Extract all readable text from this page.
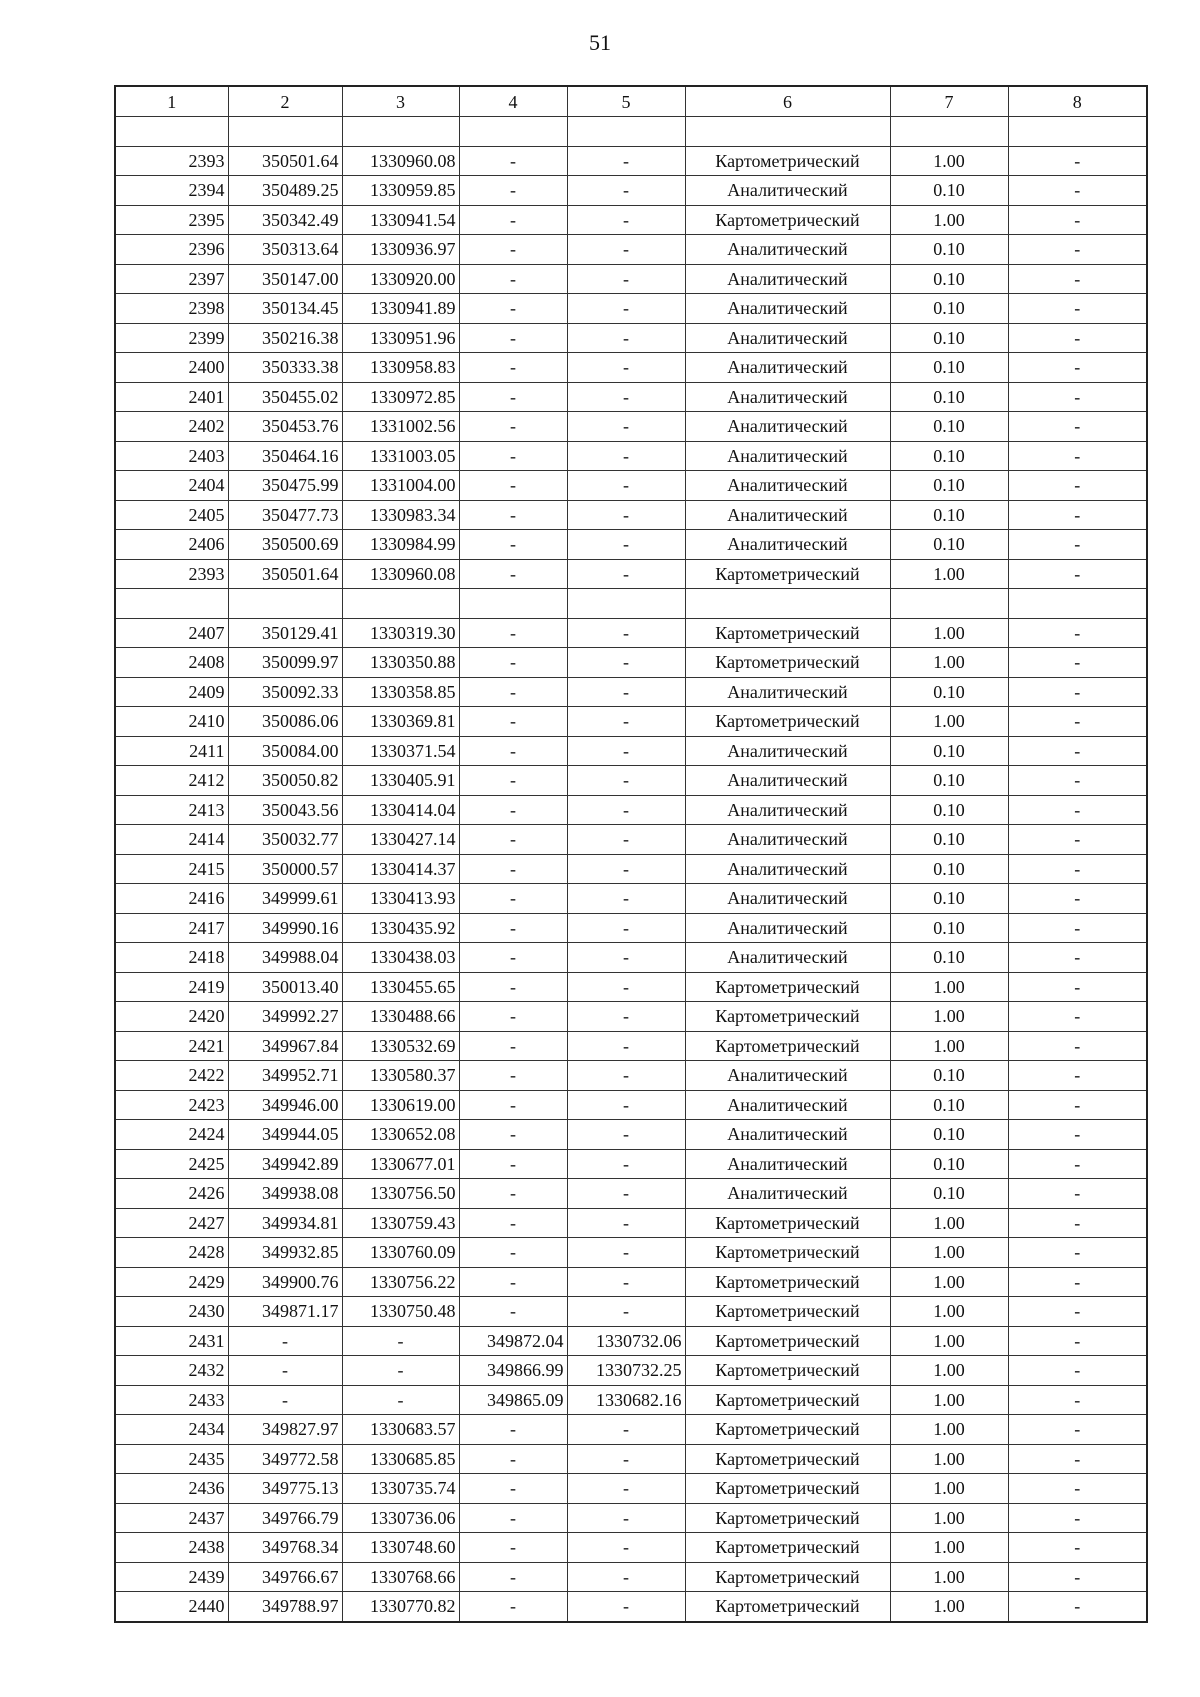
51
1	2	3	4	5	6	7	8

2393	350501.64	1330960.08	-	-	Картометрический	1.00	-
2394	350489.25	1330959.85	-	-	Аналитический	0.10	-
2395	350342.49	1330941.54	-	-	Картометрический	1.00	-
2396	350313.64	1330936.97	-	-	Аналитический	0.10	-
2397	350147.00	1330920.00	-	-	Аналитический	0.10	-
2398	350134.45	1330941.89	-	-	Аналитический	0.10	-
2399	350216.38	1330951.96	-	-	Аналитический	0.10	-
2400	350333.38	1330958.83	-	-	Аналитический	0.10	-
2401	350455.02	1330972.85	-	-	Аналитический	0.10	-
2402	350453.76	1331002.56	-	-	Аналитический	0.10	-
2403	350464.16	1331003.05	-	-	Аналитический	0.10	-
2404	350475.99	1331004.00	-	-	Аналитический	0.10	-
2405	350477.73	1330983.34	-	-	Аналитический	0.10	-
2406	350500.69	1330984.99	-	-	Аналитический	0.10	-
2393	350501.64	1330960.08	-	-	Картометрический	1.00	-

2407	350129.41	1330319.30	-	-	Картометрический	1.00	-
2408	350099.97	1330350.88	-	-	Картометрический	1.00	-
2409	350092.33	1330358.85	-	-	Аналитический	0.10	-
2410	350086.06	1330369.81	-	-	Картометрический	1.00	-
2411	350084.00	1330371.54	-	-	Аналитический	0.10	-
2412	350050.82	1330405.91	-	-	Аналитический	0.10	-
2413	350043.56	1330414.04	-	-	Аналитический	0.10	-
2414	350032.77	1330427.14	-	-	Аналитический	0.10	-
2415	350000.57	1330414.37	-	-	Аналитический	0.10	-
2416	349999.61	1330413.93	-	-	Аналитический	0.10	-
2417	349990.16	1330435.92	-	-	Аналитический	0.10	-
2418	349988.04	1330438.03	-	-	Аналитический	0.10	-
2419	350013.40	1330455.65	-	-	Картометрический	1.00	-
2420	349992.27	1330488.66	-	-	Картометрический	1.00	-
2421	349967.84	1330532.69	-	-	Картометрический	1.00	-
2422	349952.71	1330580.37	-	-	Аналитический	0.10	-
2423	349946.00	1330619.00	-	-	Аналитический	0.10	-
2424	349944.05	1330652.08	-	-	Аналитический	0.10	-
2425	349942.89	1330677.01	-	-	Аналитический	0.10	-
2426	349938.08	1330756.50	-	-	Аналитический	0.10	-
2427	349934.81	1330759.43	-	-	Картометрический	1.00	-
2428	349932.85	1330760.09	-	-	Картометрический	1.00	-
2429	349900.76	1330756.22	-	-	Картометрический	1.00	-
2430	349871.17	1330750.48	-	-	Картометрический	1.00	-
2431	-	-	349872.04	1330732.06	Картометрический	1.00	-
2432	-	-	349866.99	1330732.25	Картометрический	1.00	-
2433	-	-	349865.09	1330682.16	Картометрический	1.00	-
2434	349827.97	1330683.57	-	-	Картометрический	1.00	-
2435	349772.58	1330685.85	-	-	Картометрический	1.00	-
2436	349775.13	1330735.74	-	-	Картометрический	1.00	-
2437	349766.79	1330736.06	-	-	Картометрический	1.00	-
2438	349768.34	1330748.60	-	-	Картометрический	1.00	-
2439	349766.67	1330768.66	-	-	Картометрический	1.00	-
2440	349788.97	1330770.82	-	-	Картометрический	1.00	-
